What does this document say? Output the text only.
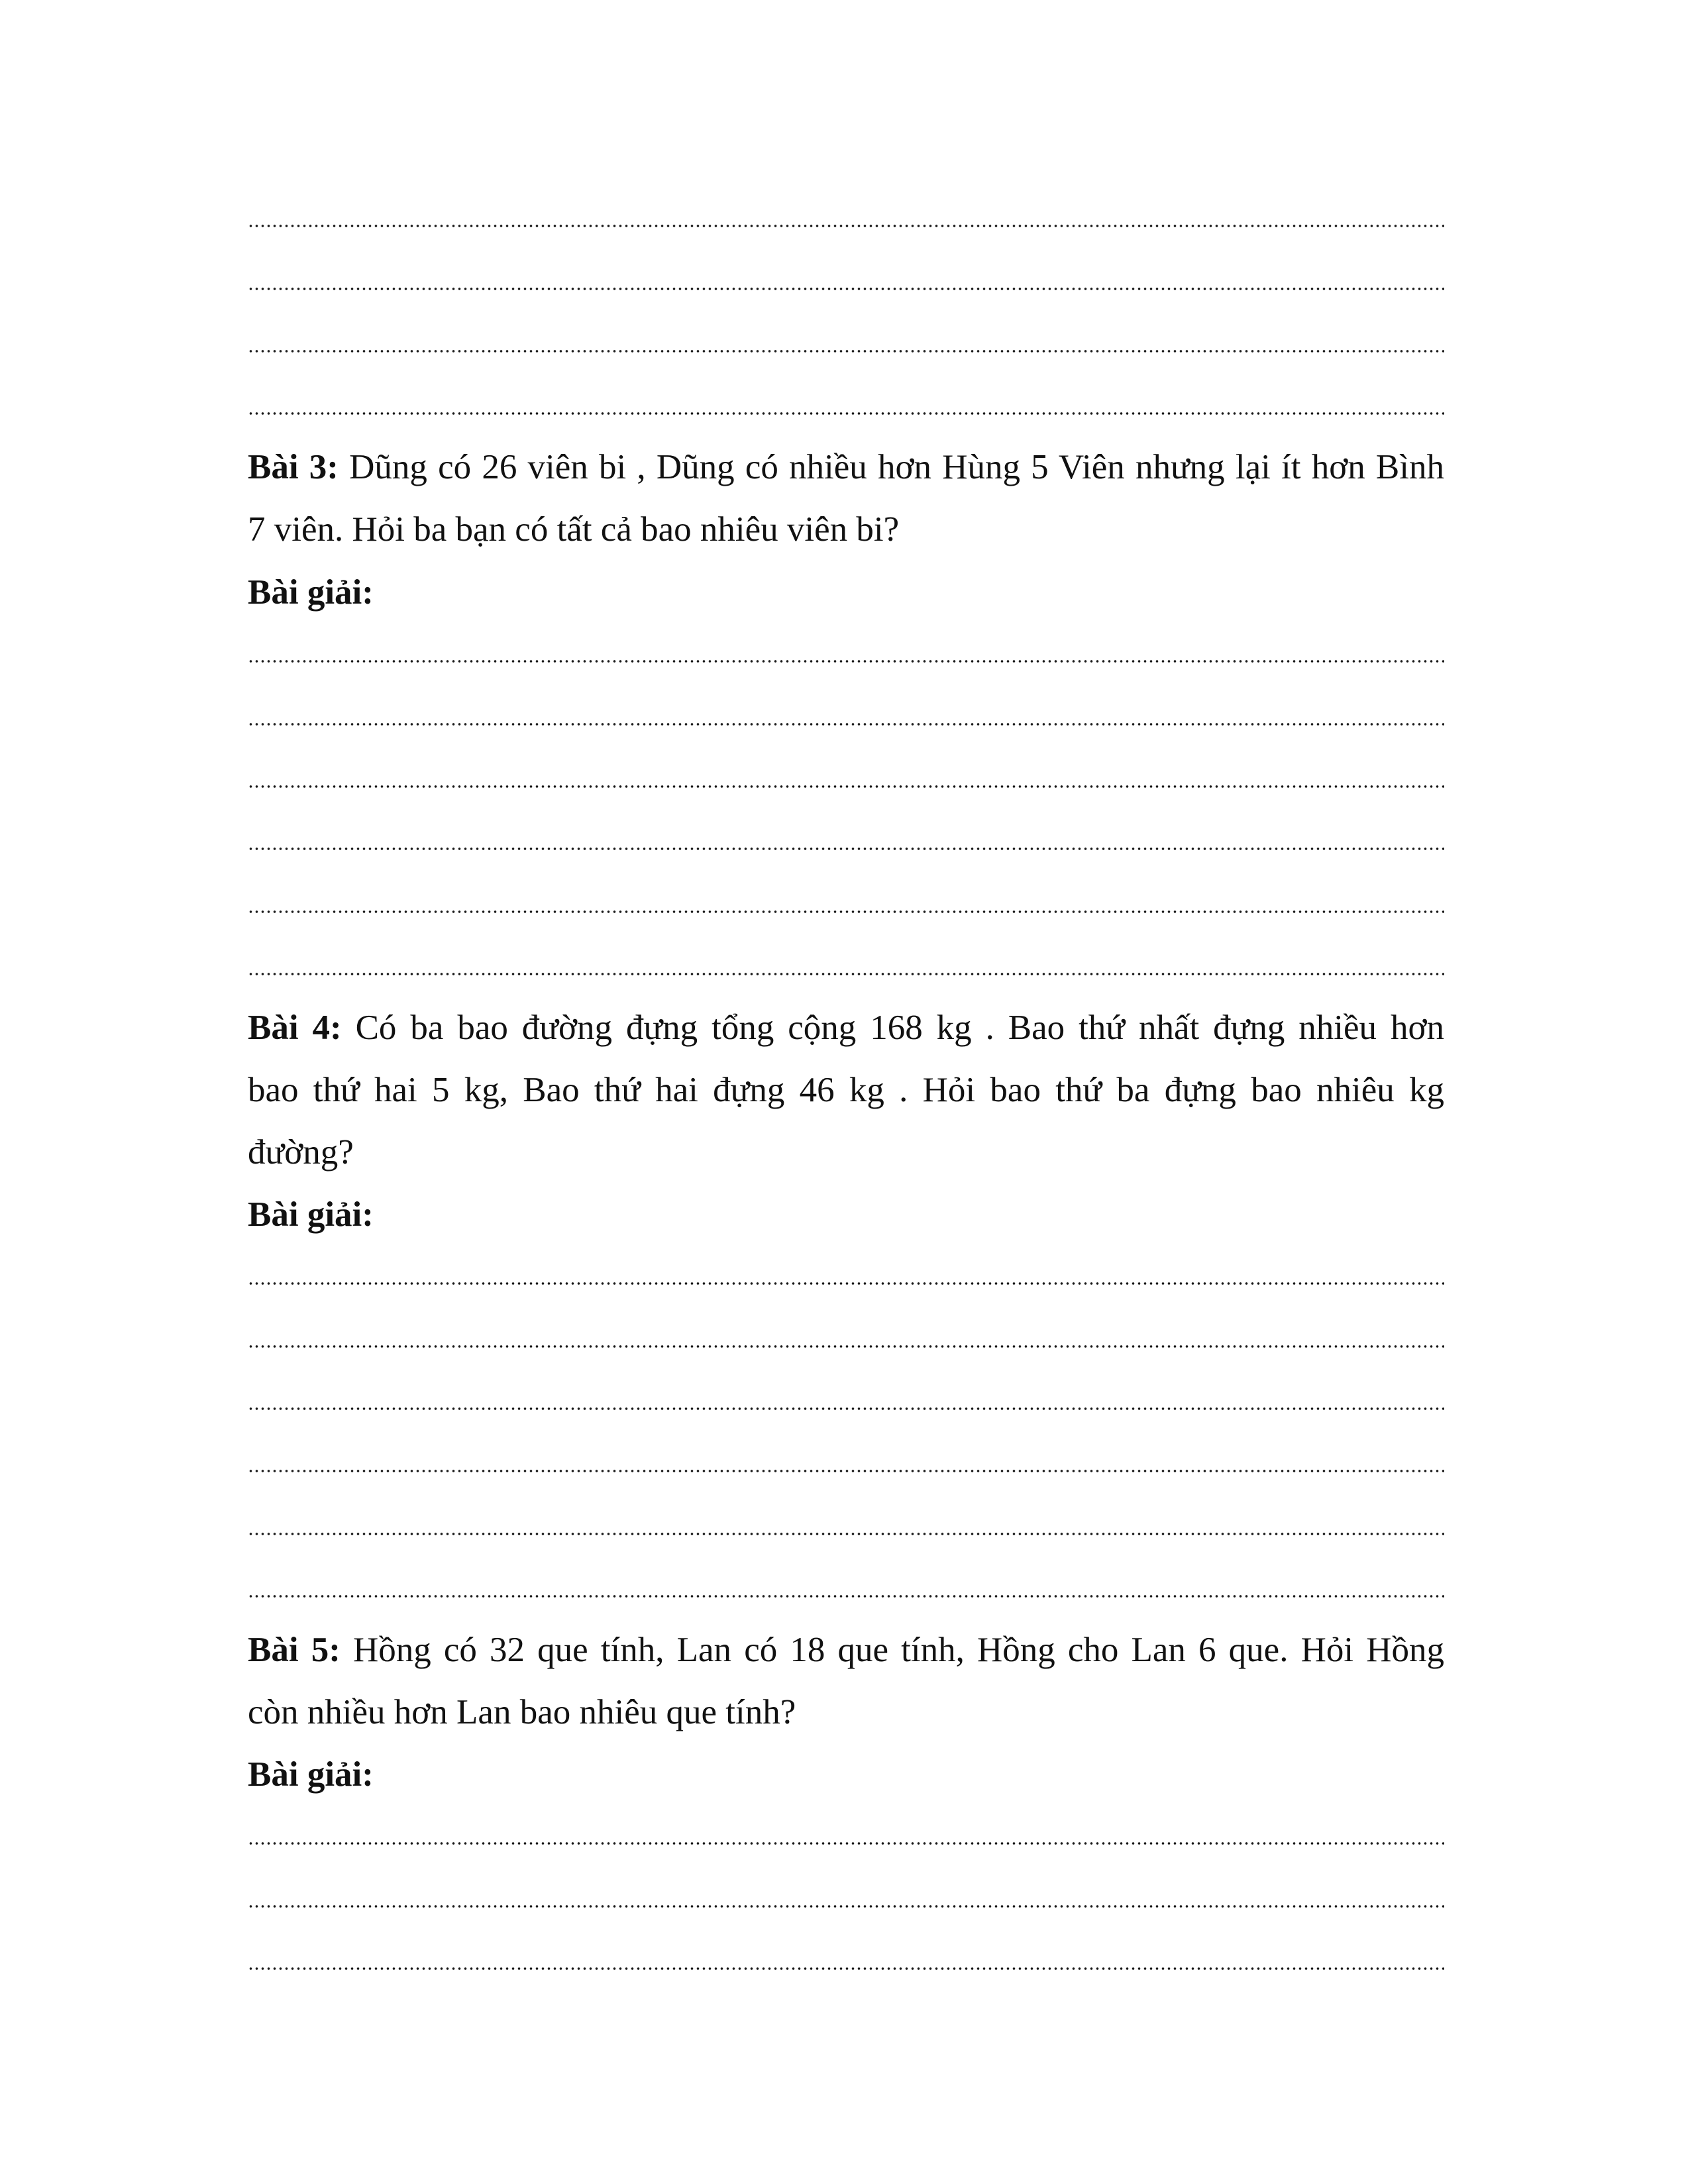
Bài 3: Dũng có 26 viên bi , Dũng có nhiều hơn Hùng 5 Viên nhưng lại ít hơn Bình
7 viên. Hỏi ba bạn có tất cả bao nhiêu viên bi?
Bài giải:
Bài 4: Có ba bao đường đựng tổng cộng 168 kg . Bao thứ nhất đựng nhiều hơn
bao thứ hai 5 kg, Bao thứ hai đựng 46 kg . Hỏi bao thứ ba đựng bao nhiêu kg
đường?
Bài giải:
Bài 5: Hồng có 32 que tính, Lan có 18 que tính, Hồng cho Lan 6 que. Hỏi Hồng
còn nhiều hơn Lan bao nhiêu que tính?
Bài giải:
